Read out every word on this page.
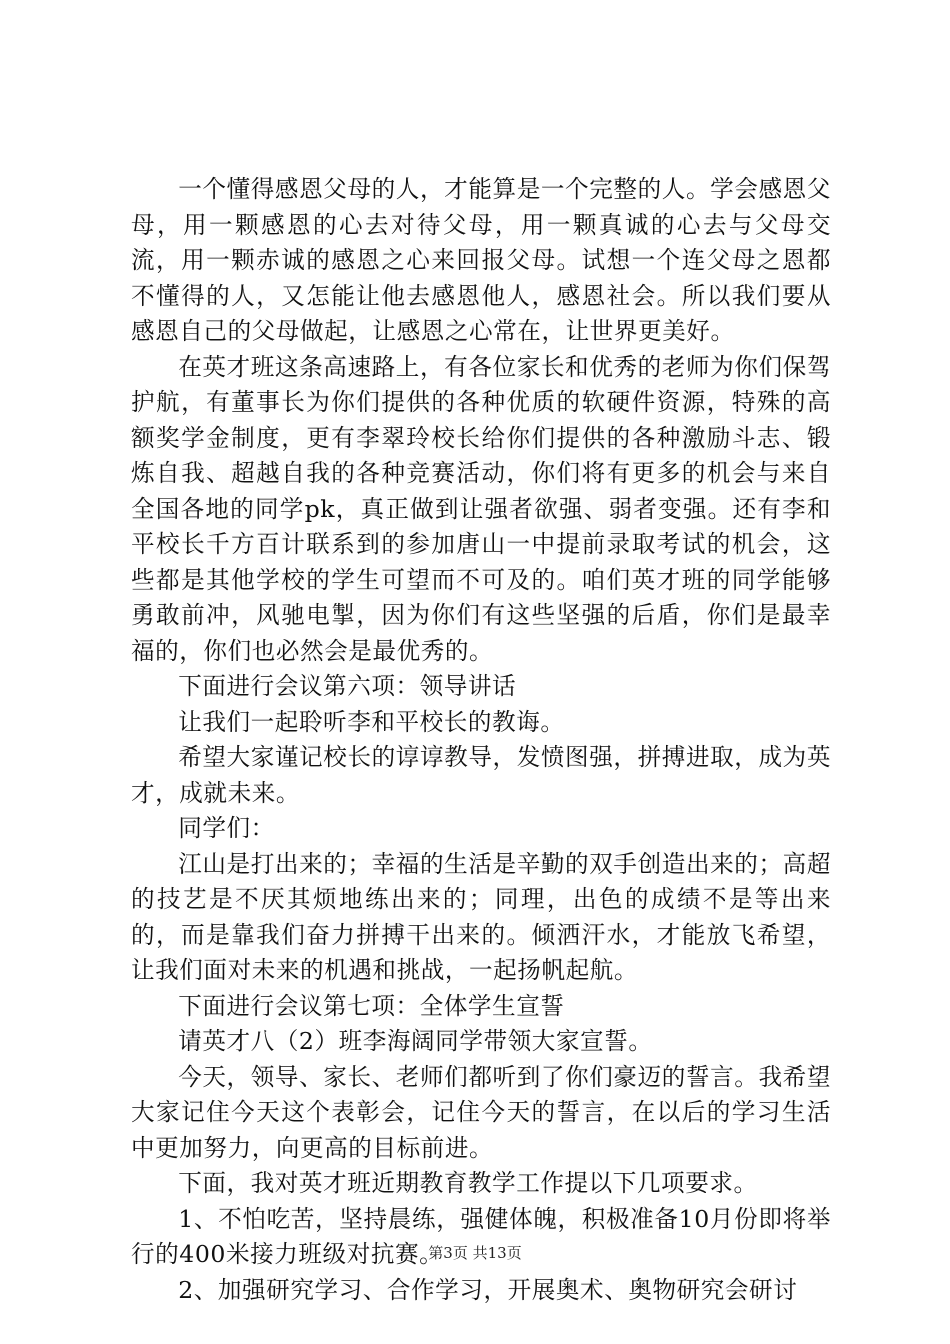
一个懂得感恩父母的人，才能算是一个完整的人。学会感恩父母，用一颗感恩的心去对待父母，用一颗真诚的心去与父母交流，用一颗赤诚的感恩之心来回报父母。试想一个连父母之恩都不懂得的人，又怎能让他去感恩他人，感恩社会。所以我们要从感恩自己的父母做起，让感恩之心常在，让世界更美好。

在英才班这条高速路上，有各位家长和优秀的老师为你们保驾护航，有董事长为你们提供的各种优质的软硬件资源，特殊的高额奖学金制度，更有李翠玲校长给你们提供的各种激励斗志、锻炼自我、超越自我的各种竞赛活动，你们将有更多的机会与来自全国各地的同学pk，真正做到让强者欲强、弱者变强。还有李和平校长千方百计联系到的参加唐山一中提前录取考试的机会，这些都是其他学校的学生可望而不可及的。咱们英才班的同学能够勇敢前冲，风驰电掣，因为你们有这些坚强的后盾，你们是最幸福的，你们也必然会是最优秀的。

下面进行会议第六项：领导讲话

让我们一起聆听李和平校长的教诲。

希望大家谨记校长的谆谆教导，发愤图强，拼搏进取，成为英才，成就未来。

同学们：

江山是打出来的；幸福的生活是辛勤的双手创造出来的；高超的技艺是不厌其烦地练出来的；同理，出色的成绩不是等出来的，而是靠我们奋力拼搏干出来的。倾洒汗水，才能放飞希望，让我们面对未来的机遇和挑战，一起扬帆起航。

下面进行会议第七项：全体学生宣誓

请英才八（2）班李海阔同学带领大家宣誓。

今天，领导、家长、老师们都听到了你们豪迈的誓言。我希望大家记住今天这个表彰会，记住今天的誓言，在以后的学习生活中更加努力，向更高的目标前进。

下面，我对英才班近期教育教学工作提以下几项要求。

1、不怕吃苦，坚持晨练，强健体魄，积极准备10月份即将举行的400米接力班级对抗赛。

2、加强研究学习、合作学习，开展奥术、奥物研究会研讨

第3页 共13页
